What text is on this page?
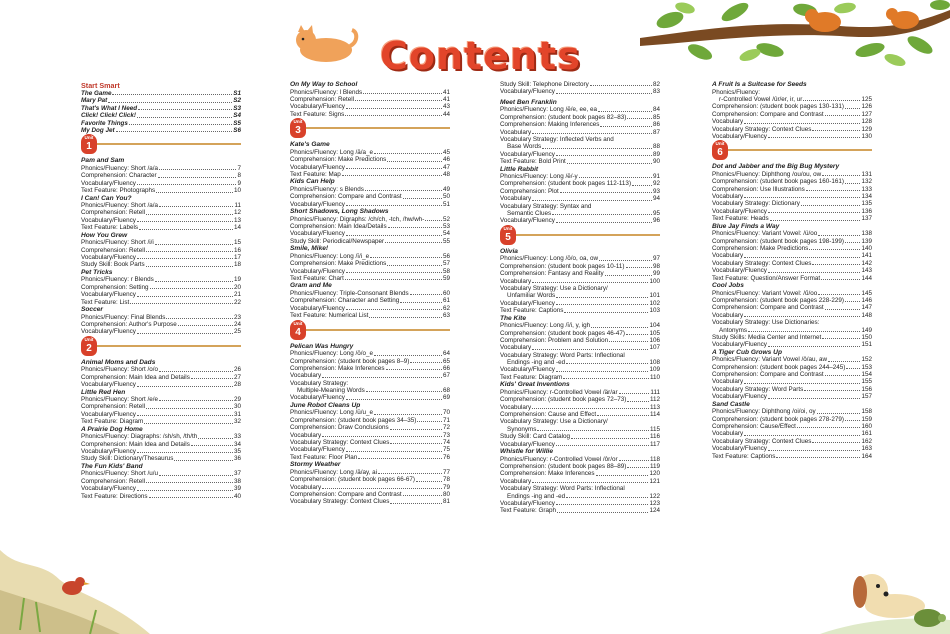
Contents
Start Smart
The Game	S1
Mary Pat	S2
That's What I Need	S3
Click! Click! Click!	S4
Favorite Things	S5
My Dog Jet	S6
Unit
1
Pam and Sam
Phonics/Fluency: Short /a/a	7
Comprehension: Character	8
Vocabulary/Fluency	9
Text Feature: Photographs	10
I Can! Can You?
Phonics/Fluency: Short /a/a	11
Comprehension: Retell	12
Vocabulary/Fluency	13
Text Feature: Labels	14
How You Grew
Phonics/Fluency: Short /i/i	15
Comprehension: Retell	16
Vocabulary/Fluency	17
Study Skill: Book Parts	18
Pet Tricks
Phonics/Fluency: r Blends	19
Comprehension: Setting	20
Vocabulary/Fluency	21
Text Feature: List	22
Soccer
Phonics/Fluency: Final Blends	23
Comprehension: Author's Purpose	24
Vocabulary/Fluency	25
Unit
2
Animal Moms and Dads
Phonics/Fluency: Short /o/o	26
Comprehension: Main Idea and Details	27
Vocabulary/Fluency	28
Little Red Hen
Phonics/Fluency: Short /e/e	29
Comprehension: Retell	30
Vocabulary/Fluency	31
Text Feature: Diagram	32
A Prairie Dog Home
Phonics/Fluency: Diagraphs: /sh/sh, /th/th	33
Comprehension: Main Idea and Details	34
Vocabulary/Fluency	35
Study Skill: Dictionary/Thesaurus	36
The Fun Kids' Band
Phonics/Fluency: Short /u/u	37
Comprehension: Retell	38
Vocabulary/Fluency	39
Text Feature: Directions	40
On My Way to School
Phonics/Fluency: l Blends	41
Comprehension: Retell	41
Vocabulary/Fluency	43
Text Feature: Signs	44
Unit
3
Kate's Game
Phonics/Fluency: Long /ā/a_e	45
Comprehension: Make Predictions	46
Vocabulary/Fluency	47
Text Feature: Map	48
Kids Can Help
Phonics/Fluency: s Blends	49
Comprehension: Compare and Contrast	50
Vocabulary/Fluency	51
Short Shadows, Long Shadows
Phonics/Fluency: Digraphs: /ch/ch, -tch, /hw/wh-	52
Comprehension: Main Idea/Details	53
Vocabulary/Fluency	54
Study Skill: Periodical/Newspaper	55
Smile, Mike!
Phonics/Fluency: Long /ī/i_e	56
Comprehension: Make Predictions	57
Vocabulary/Fluency	58
Text Feature: Chart	59
Gram and Me
Phonics/Fluency: Triple-Consonant Blends	60
Comprehension: Character and Setting	61
Vocabulary/Fluency	62
Text Feature: Numerical List	63
Unit
4
Pelican Was Hungry
Phonics/Fluency: Long /ō/o_e	64
Comprehension: (student book pages 8–9)	65
Comprehension: Make Inferences	66
Vocabulary	67
Vocabulary Strategy:
Multiple-Meaning Words	68
Vocabulary/Fluency	69
June Robot Cleans Up
Phonics/Fluency: Long /ū/u_e	70
Comprehension: (student book pages 34–35)	71
Comprehension: Draw Conclusions	72
Vocabulary	73
Vocabulary Strategy: Context Clues	74
Vocabulary/Fluency	75
Text Feature: Floor Plan	76
Stormy Weather
Phonics/Fluency: Long /ā/ay, ai	77
Comprehension: (student book pages 66-67)	78
Vocabulary	79
Comprehension: Compare and Contrast	80
Vocabulary Strategy: Context Clues	81
Study Skill: Telephone Directory	82
Vocabulary/Fluency	83
Meet Ben Franklin
Phonics/Fluency: Long /ē/e, ee, ea	84
Comprehension: (student book pages 82–83)	85
Comprehension: Making Inferences	86
Vocabulary	87
Vocabulary Strategy: Inflected Verbs and
Base Words	88
Vocabulary/Fluency	89
Text Feature: Bold Print	90
Little Rabbit
Phonics/Fluency: Long /ē/-y	91
Comprehension: (student book pages 112-113)	92
Comprehension: Plot	93
Vocabulary	94
Vocabulary Strategy: Syntax and
Semantic Clues	95
Vocabulary/Fluency	96
Unit
5
Olivia
Phonics/Fluency: Long /ō/o, oa, ow	97
Comprehension: (student book pages 10-11)	98
Comprehension: Fantasy and Reality	99
Vocabulary	100
Vocabulary Strategy: Use a Dictionary/
Unfamiliar Words	101
Vocabulary/Fluency	102
Text Feature: Captions	103
The Kite
Phonics/Fluency: Long /ī/i, y, igh	104
Comprehension: (student book pages 46-47)	105
Comprehension: Problem and Solution	106
Vocabulary	107
Vocabulary Strategy: Word Parts: Inflectional
Endings -ing and -ed	108
Vocabulary/Fluency	109
Text Feature: Diagram	110
Kids' Great Inventions
Phonics/Fluency: r-Controlled Vowel /är/ar	111
Comprehension: (student book pages 72–73)	112
Vocabulary	113
Comprehension: Cause and Effect	114
Vocabulary Strategy: Use a Dictionary/
Synonyms	115
Study Skill: Card Catalog	116
Vocabulary/Fluency	117
Whistle for Willie
Phonics/Fluency: r-Controlled Vowel /ôr/or	118
Comprehension: (student book pages 88–89)	119
Comprehension: Make Inferences	120
Vocabulary	121
Vocabulary Strategy: Word Parts: Inflectional
Endings -ing and -ed	122
Vocabulary/Fluency	123
Text Feature: Graph	124
A Fruit Is a Suitcase for Seeds
Phonics/Fluency:
r-Controlled Vowel /ûr/er, ir, ur	125
Comprehension: (student book pages 130-131)	126
Comprehension: Compare and Contrast	127
Vocabulary	128
Vocabulary Strategy: Context Clues	129
Vocabulary/Fluency	130
Unit
6
Dot and Jabber and the Big Bug Mystery
Phonics/Fluency: Diphthong /ou/ou, ow	131
Comprehension: (student book pages 160-161)	132
Comprehension: Use Illustrations	133
Vocabulary	134
Vocabulary Strategy: Dictionary	135
Vocabulary/Fluency	136
Text Feature: Heads	137
Blue Jay Finds a Way
Phonics/Fluency: Variant Vowel: /ü/oo	138
Comprehension: (student book pages 198-199)	139
Comprehension: Make Predictions	140
Vocabulary	141
Vocabulary Strategy: Context Clues	142
Vocabulary/Fluency	143
Text Feature: Question/Answer Format	144
Cool Jobs
Phonics/Fluency: Variant Vowel: /ů/oo	145
Comprehension: (student book pages 228-229)	146
Comprehension: Compare and Contrast	147
Vocabulary	148
Vocabulary Strategy: Use Dictionaries:
Antonyms	149
Study Skills: Media Center and Internet	150
Vocabulary/Fluency	151
A Tiger Cub Grows Up
Phonics/Fluency: Variant Vowel /ô/au, aw	152
Comprehension: (student book pages 244–245)	153
Comprehension: Compare and Contrast	154
Vocabulary	155
Vocabulary Strategy: Word Parts	156
Vocabulary/Fluency	157
Sand Castle
Phonics/Fluency: Diphthong /oi/oi, oy	158
Comprehension: (student book pages 278-279)	159
Comprehension: Cause/Effect	160
Vocabulary	161
Vocabulary Strategy: Context Clues	162
Vocabulary/Fluency	163
Text Feature: Captions	164
